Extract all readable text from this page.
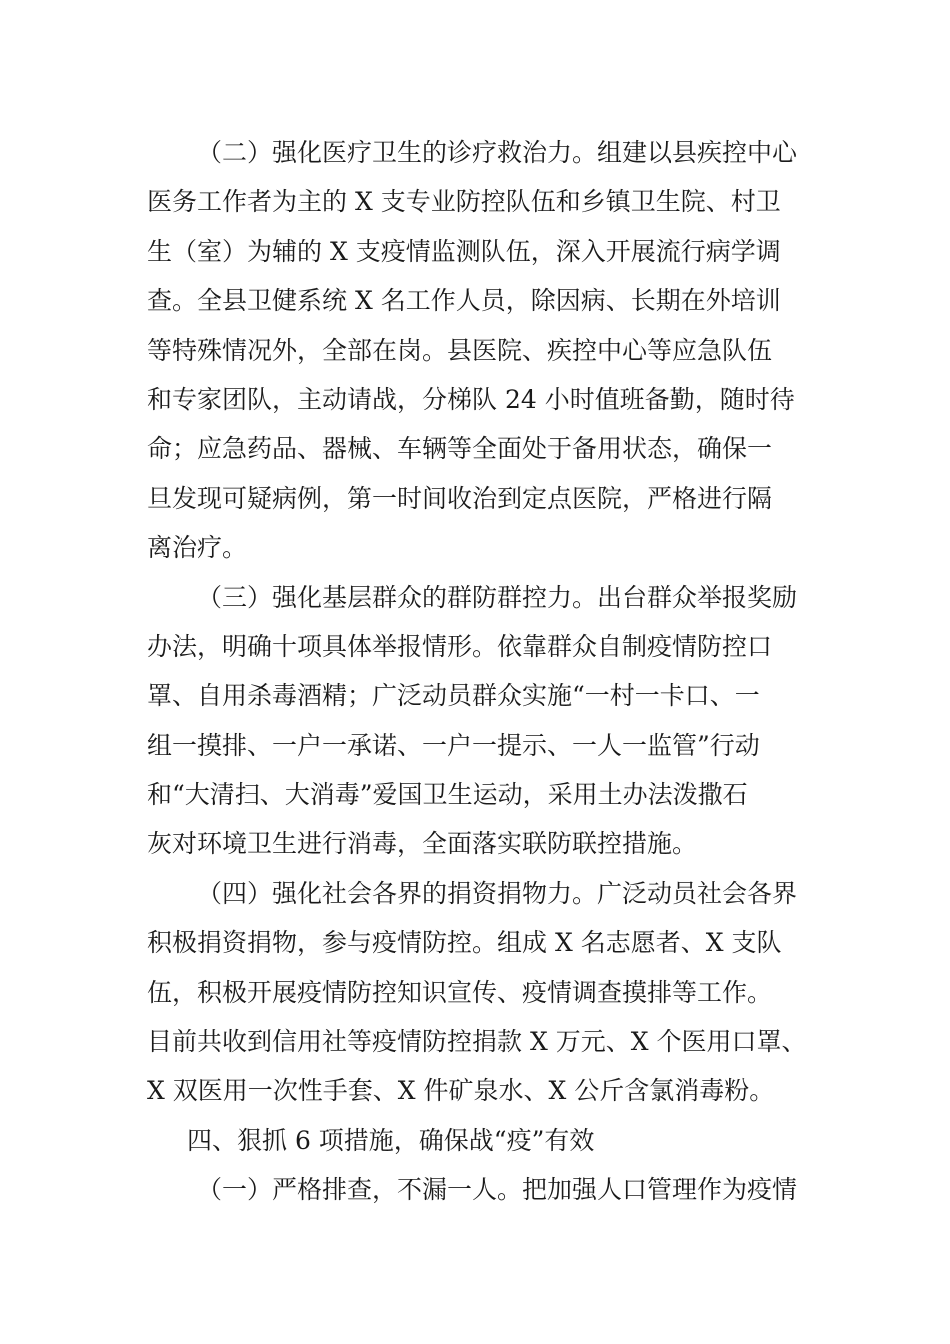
（二）强化医疗卫生的诊疗救治力。组建以县疾控中心
医务工作者为主的 X 支专业防控队伍和乡镇卫生院、村卫
生（室）为辅的 X 支疫情监测队伍，深入开展流行病学调
查。全县卫健系统 X 名工作人员，除因病、长期在外培训
等特殊情况外，全部在岗。县医院、疾控中心等应急队伍
和专家团队，主动请战，分梯队 24 小时值班备勤，随时待
命；应急药品、器械、车辆等全面处于备用状态，确保一
旦发现可疑病例，第一时间收治到定点医院，严格进行隔
离治疗。
（三）强化基层群众的群防群控力。出台群众举报奖励
办法，明确十项具体举报情形。依靠群众自制疫情防控口
罩、自用杀毒酒精；广泛动员群众实施“一村一卡口、一
组一摸排、一户一承诺、一户一提示、一人一监管”行动
和“大清扫、大消毒”爱国卫生运动，采用土办法泼撒石
灰对环境卫生进行消毒，全面落实联防联控措施。
（四）强化社会各界的捐资捐物力。广泛动员社会各界
积极捐资捐物，参与疫情防控。组成 X 名志愿者、X 支队
伍，积极开展疫情防控知识宣传、疫情调查摸排等工作。
目前共收到信用社等疫情防控捐款 X 万元、X 个医用口罩、
X 双医用一次性手套、X 件矿泉水、X 公斤含氯消毒粉。
四、狠抓 6 项措施，确保战“疫”有效
（一）严格排查，不漏一人。把加强人口管理作为疫情
